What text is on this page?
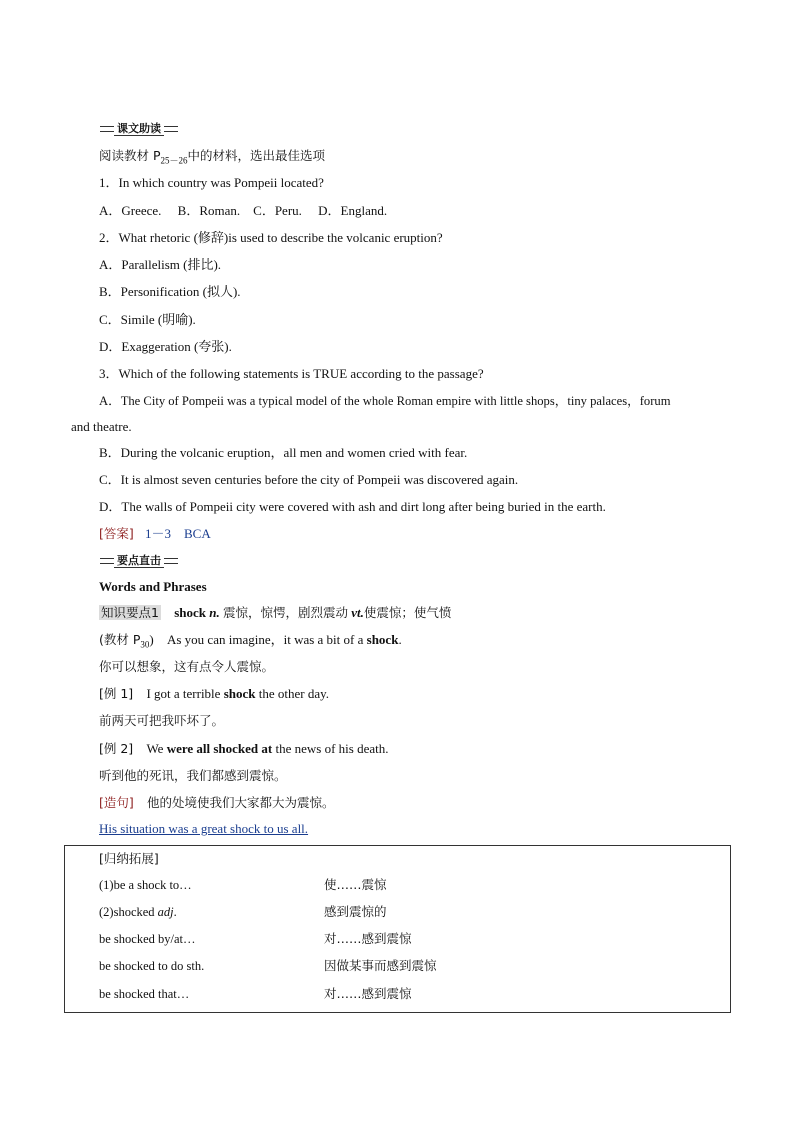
课文助读
阅读教材 $P_{25-26}$中的材料，选出最佳选项
1．In which country was Pompeii located?
A．Greece.　 B．Roman.　C．Peru.　 D．England.
2．What rhetoric (修辞)is used to describe the volcanic eruption?
A．Parallelism (排比).
B．Personification (拟人).
C．Simile (明喻).
D．Exaggeration (夸张).
3．Which of the following statements is TRUE according to the passage?
A．The City of Pompeii was a typical model of the whole Roman empire with little shops，tiny palaces，forum
and theatre.
B．During the volcanic eruption，all men and women cried with fear.
C．It is almost seven centuries before the city of Pompeii was discovered again.
D．The walls of Pompeii city were covered with ash and dirt long after being buried in the earth.
[答案] 1－3　BCA
要点直击
Words and Phrases
知识要点1 shock n. 震惊，惊愕，剧烈震动 vt.使震惊；使气愤
(教材 $P_{30}$) As you can imagine，it was a bit of a shock.
你可以想象，这有点令人震惊。
[例 1] I got a terrible shock the other day.
前两天可把我吓坏了。
[例 2] We were all shocked at the news of his death.
听到他的死讯，我们都感到震惊。
[造句] 他的处境使我们大家都大为震惊。
His situation was a great shock to us all.
[归纳拓展]
(1)be a shock to…	使……震惊
(2)shocked adj.	感到震惊的
be shocked by/at…	对……感到震惊
be shocked to do sth.	因做某事而感到震惊
be shocked that…	对……感到震惊
